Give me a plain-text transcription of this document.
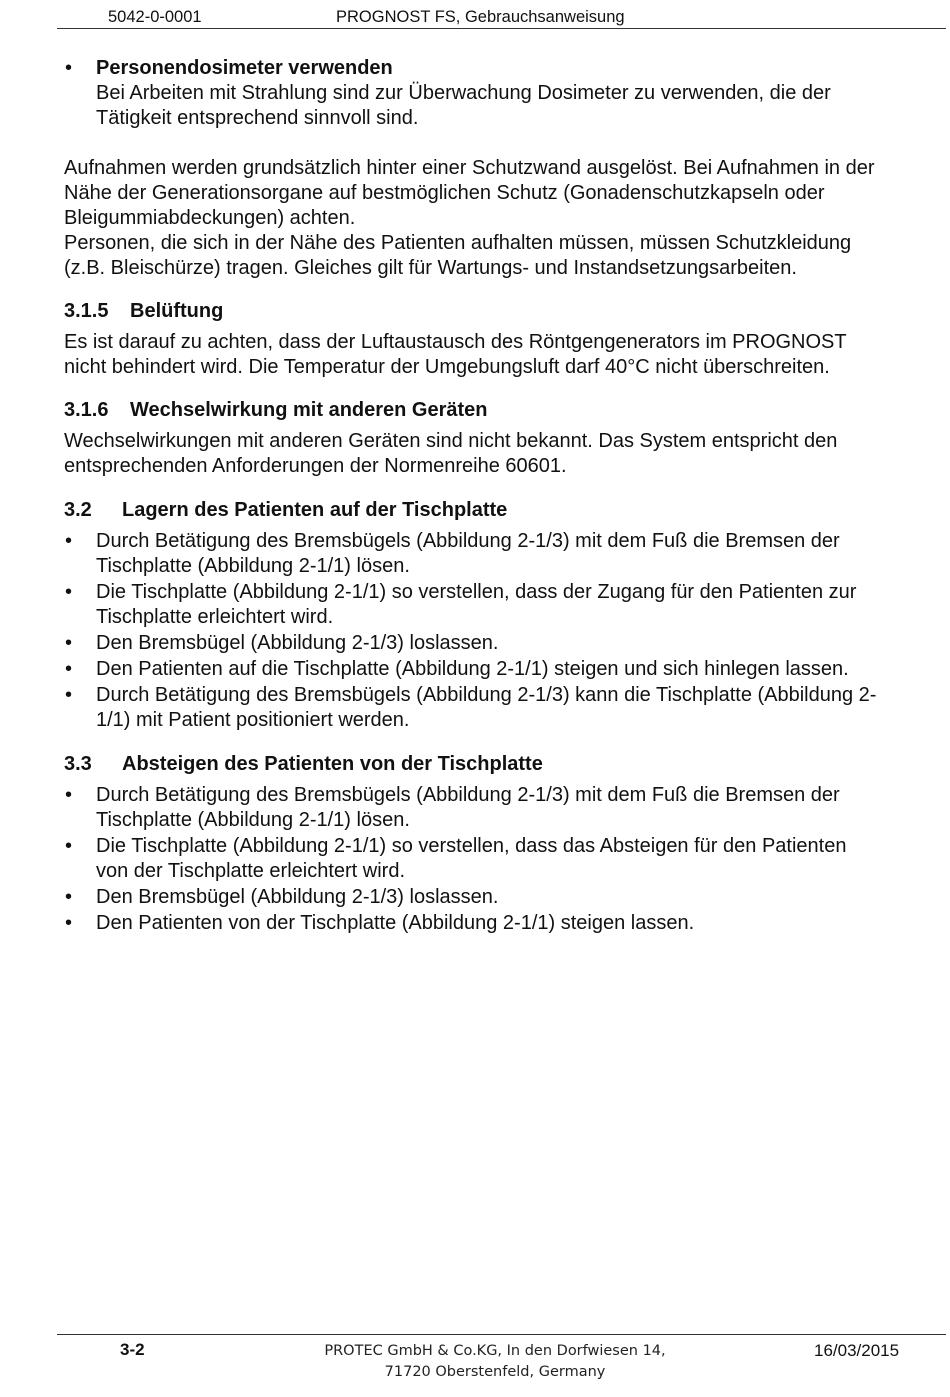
5042-0-0001	PROGNOST FS, Gebrauchsanweisung
• Personendosimeter verwenden
Bei Arbeiten mit Strahlung sind zur Überwachung Dosimeter zu verwenden, die der Tätigkeit entsprechend sinnvoll sind.

Aufnahmen werden grundsätzlich hinter einer Schutzwand ausgelöst. Bei Aufnahmen in der Nähe der Generationsorgane auf bestmöglichen Schutz (Gonadenschutzkapseln oder Bleigummiabdeckungen) achten.

Personen, die sich in der Nähe des Patienten aufhalten müssen, müssen Schutzkleidung (z.B. Bleischürze) tragen. Gleiches gilt für Wartungs- und Instandsetzungsarbeiten.

3.1.5 Belüftung

Es ist darauf zu achten, dass der Luftaustausch des Röntgengenerators im PROGNOST nicht behindert wird. Die Temperatur der Umgebungsluft darf 40°C nicht überschreiten.

3.1.6 Wechselwirkung mit anderen Geräten

Wechselwirkungen mit anderen Geräten sind nicht bekannt. Das System entspricht den entsprechenden Anforderungen der Normenreihe 60601.

3.2 Lagern des Patienten auf der Tischplatte
• Durch Betätigung des Bremsbügels (Abbildung 2-1/3) mit dem Fuß die Bremsen der Tischplatte (Abbildung 2-1/1) lösen.
• Die Tischplatte (Abbildung 2-1/1) so verstellen, dass der Zugang für den Patienten zur Tischplatte erleichtert wird.
• Den Bremsbügel (Abbildung 2-1/3) loslassen.
• Den Patienten auf die Tischplatte (Abbildung 2-1/1) steigen und sich hinlegen lassen.
• Durch Betätigung des Bremsbügels (Abbildung 2-1/3) kann die Tischplatte (Abbildung 2-1/1) mit Patient positioniert werden.
3.3 Absteigen des Patienten von der Tischplatte
• Durch Betätigung des Bremsbügels (Abbildung 2-1/3) mit dem Fuß die Bremsen der Tischplatte (Abbildung 2-1/1) lösen.
• Die Tischplatte (Abbildung 2-1/1) so verstellen, dass das Absteigen für den Patienten von der Tischplatte erleichtert wird.
• Den Bremsbügel (Abbildung 2-1/3) loslassen.
• Den Patienten von der Tischplatte (Abbildung 2-1/1) steigen lassen.
3-2	PROTEC GmbH & Co.KG, In den Dorfwiesen 14,
71720 Oberstenfeld, Germany
16/03/2015
